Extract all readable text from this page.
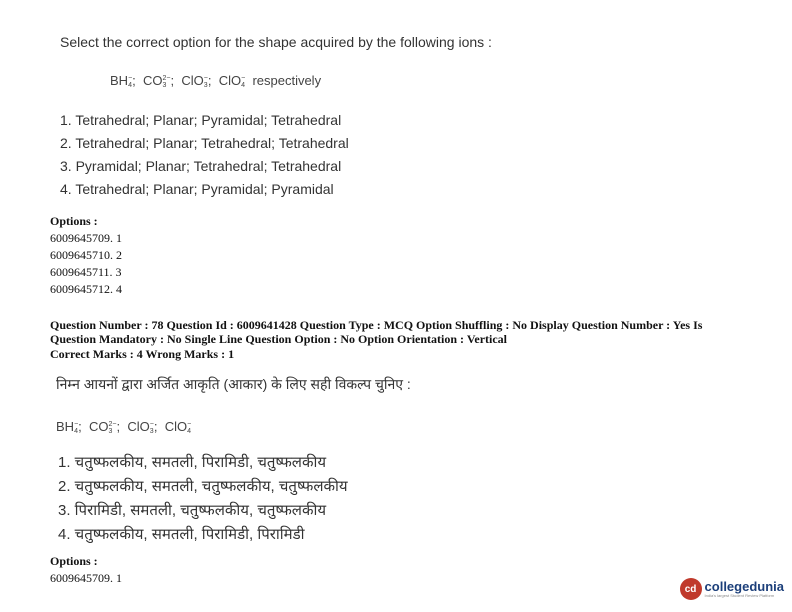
Select the correct option for the shape acquired by the following ions :
BH−
4;  CO2−
3 ;  ClO−
3;  ClO−
4 respectively
1. Tetrahedral; Planar; Pyramidal; Tetrahedral
2. Tetrahedral; Planar; Tetrahedral; Tetrahedral
3. Pyramidal; Planar; Tetrahedral; Tetrahedral
4. Tetrahedral; Planar; Pyramidal; Pyramidal
Options :
6009645709. 1
6009645710. 2
6009645711. 3
6009645712. 4
Question Number : 78 Question Id : 6009641428 Question Type : MCQ Option Shuffling : No Display Question Number : Yes Is
Question Mandatory : No Single Line Question Option : No Option Orientation : Vertical
Correct Marks : 4 Wrong Marks : 1
निम्न आयनों द्वारा अर्जित आकृति (आकार) के लिए सही विकल्प चुनिए :
BH−
4;  CO2−
3 ;  ClO−
3;  ClO−
4
1. चतुष्फलकीय, समतली, पिरामिडी, चतुष्फलकीय
2. चतुष्फलकीय, समतली, चतुष्फलकीय, चतुष्फलकीय
3. पिरामिडी, समतली, चतुष्फलकीय, चतुष्फलकीय
4. चतुष्फलकीय, समतली, पिरामिडी, पिरामिडी
Options :
6009645709. 1
cd collegedunia
India's largest Student Review Platform
